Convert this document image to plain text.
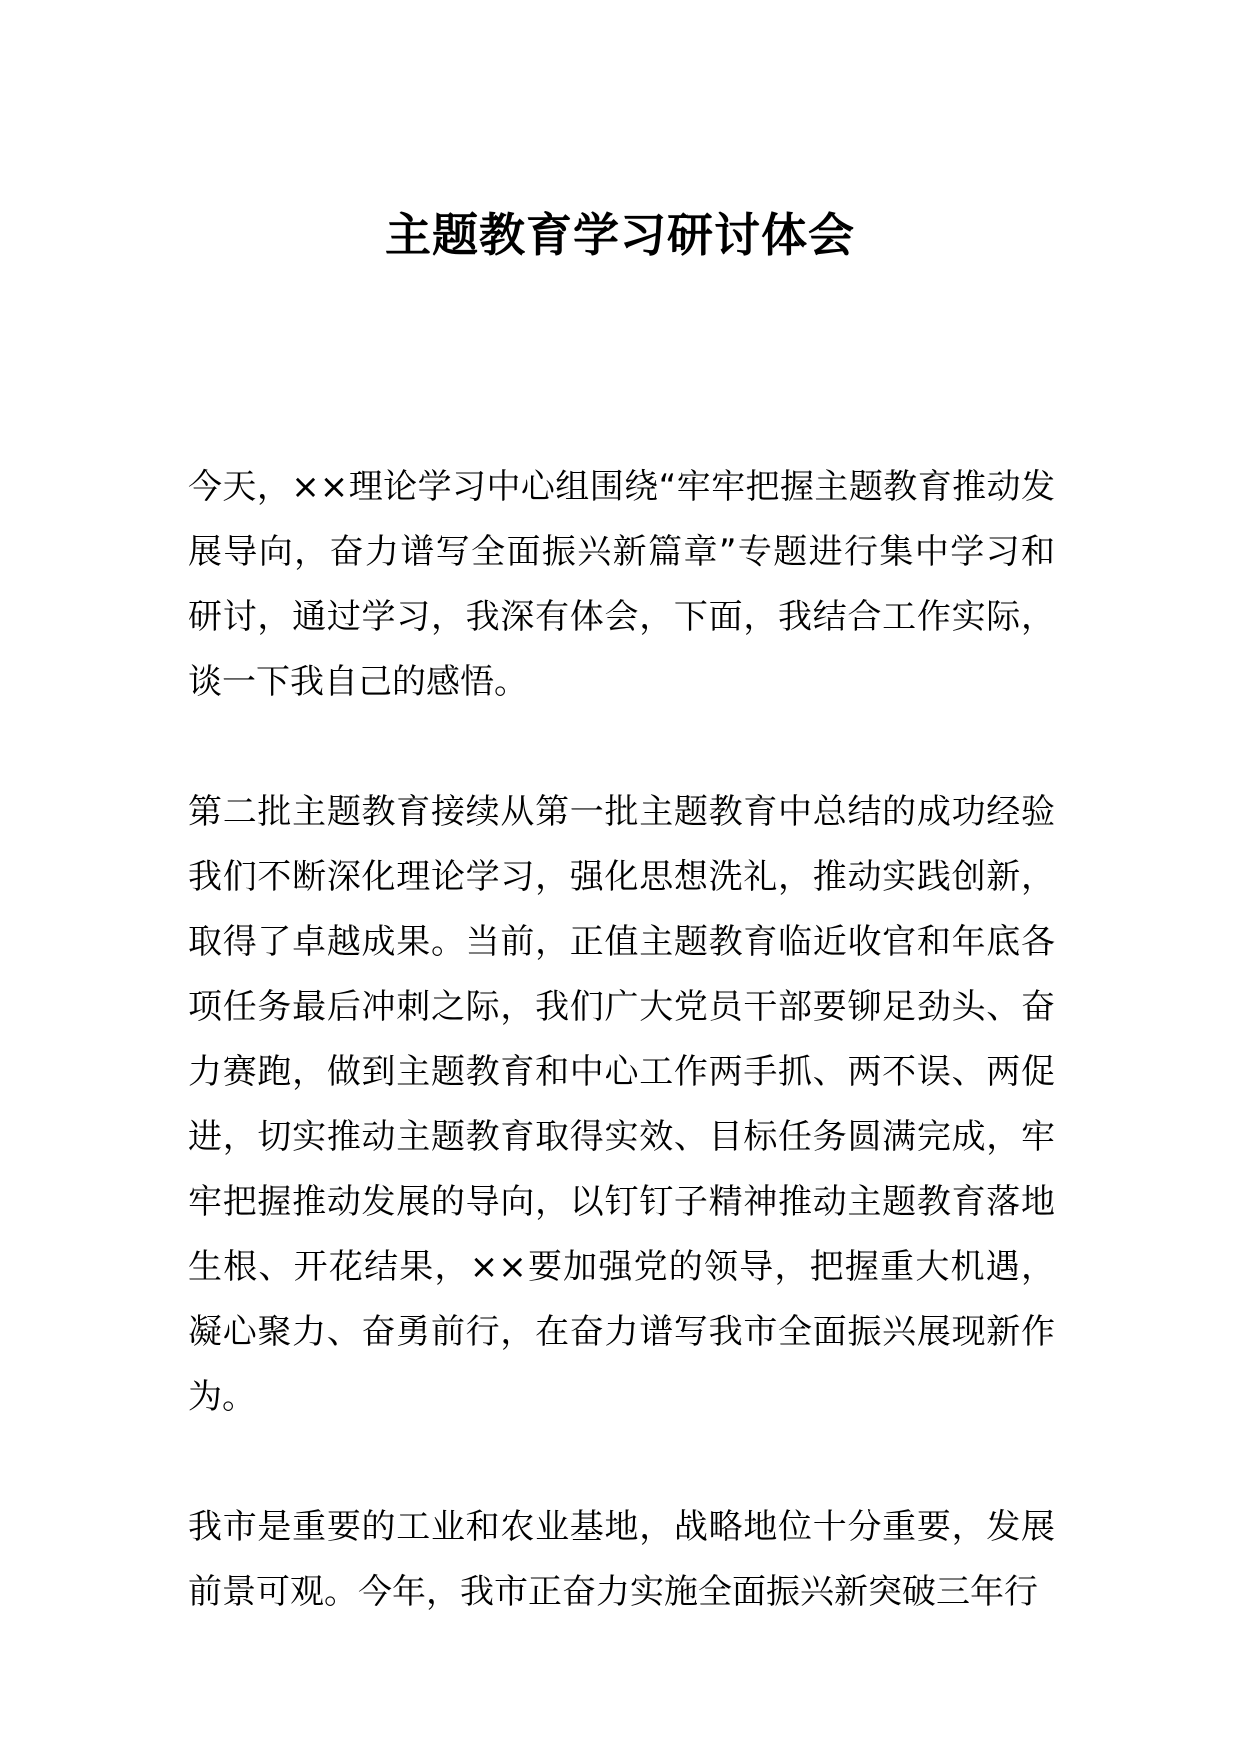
主题教育学习研讨体会

今天，××理论学习中心组围绕“牢牢把握主题教育推动发展导向，奋力谱写全面振兴新篇章”专题进行集中学习和研讨，通过学习，我深有体会，下面，我结合工作实际，谈一下我自己的感悟。

第二批主题教育接续从第一批主题教育中总结的成功经验我们不断深化理论学习，强化思想洗礼，推动实践创新，取得了卓越成果。当前，正值主题教育临近收官和年底各项任务最后冲刺之际，我们广大党员干部要铆足劲头、奋力赛跑，做到主题教育和中心工作两手抓、两不误、两促进，切实推动主题教育取得实效、目标任务圆满完成，牢牢把握推动发展的导向，以钉钉子精神推动主题教育落地生根、开花结果，××要加强党的领导，把握重大机遇，凝心聚力、奋勇前行，在奋力谱写我市全面振兴展现新作为。

我市是重要的工业和农业基地，战略地位十分重要，发展前景可观。今年，我市正奋力实施全面振兴新突破三年行
